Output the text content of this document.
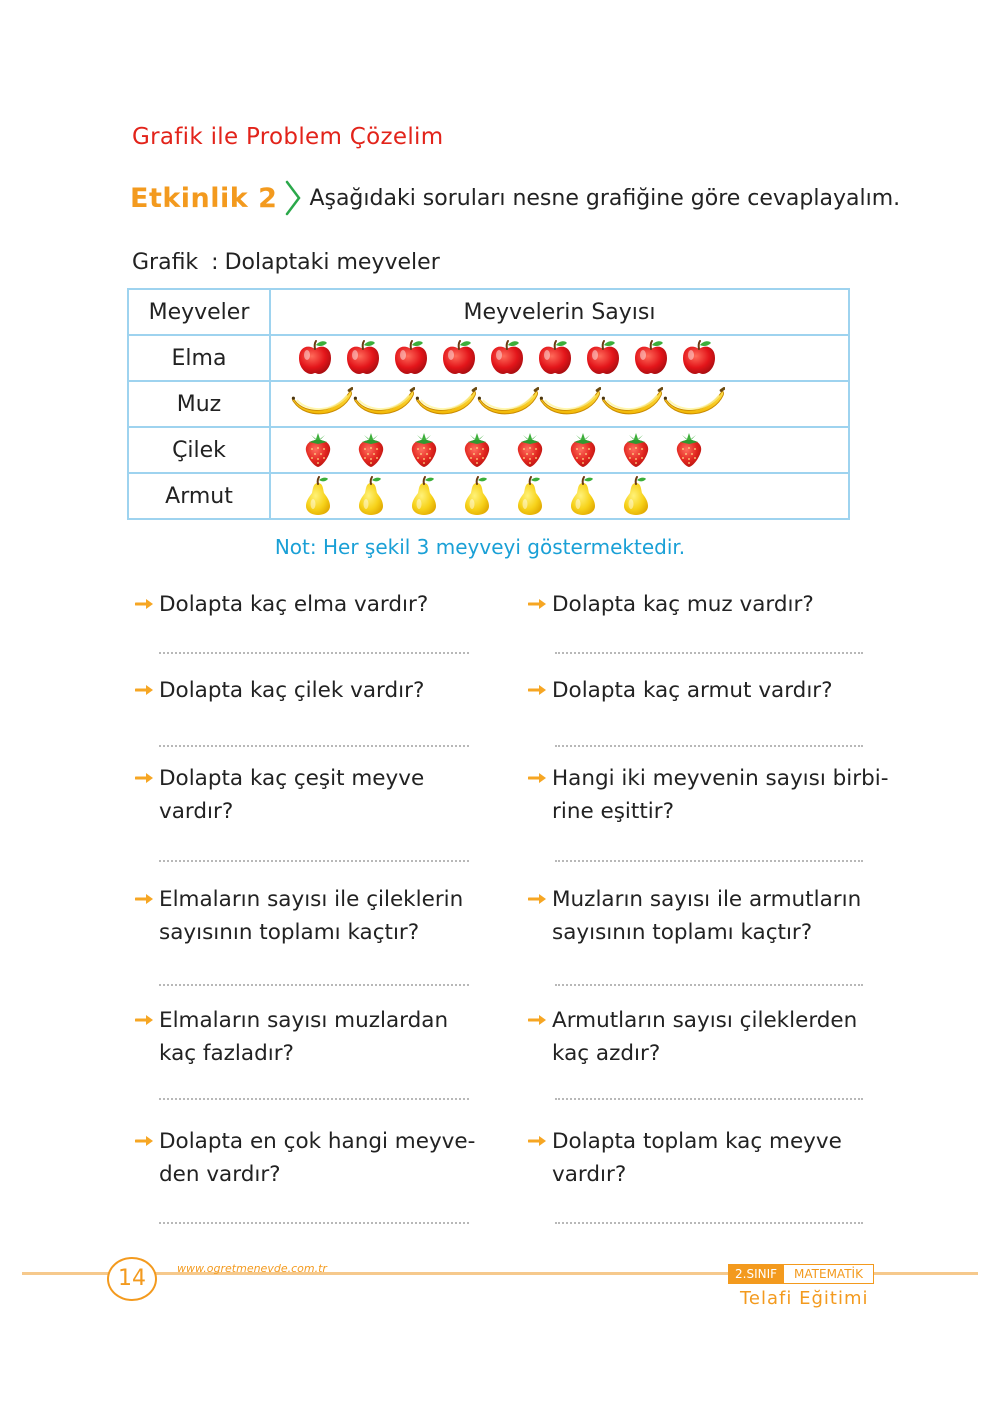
Grafik ile Problem Çözelim
Etkinlik 2 Aşağıdaki soruları nesne grafiğine göre cevaplayalım.
Grafik : Dolaptaki meyveler
Meyveler	Meyvelerin Sayısı
Elma	

Muz	

Çilek	

Armut	
Not: Her şekil 3 meyveyi göstermektedir.
Dolapta kaç elma vardır?	Dolapta kaç muz vardır?
Dolapta kaç çilek vardır?	Dolapta kaç armut vardır?
Dolapta kaç çeşit meyve
vardır?
Hangi iki meyvenin sayısı birbi-
rine eşittir?
Elmaların sayısı ile çileklerin
sayısının toplamı kaçtır?
Muzların sayısı ile armutların
sayısının toplamı kaçtır?
Elmaların sayısı muzlardan
kaç fazladır?
Armutların sayısı çileklerden
kaç azdır?
Dolapta en çok hangi meyve-
den vardır?
Dolapta toplam kaç meyve
vardır?
14	www.ogretmenevde.com.tr	2.SINIF	MATEMATİK
Telafi Eğitimi
